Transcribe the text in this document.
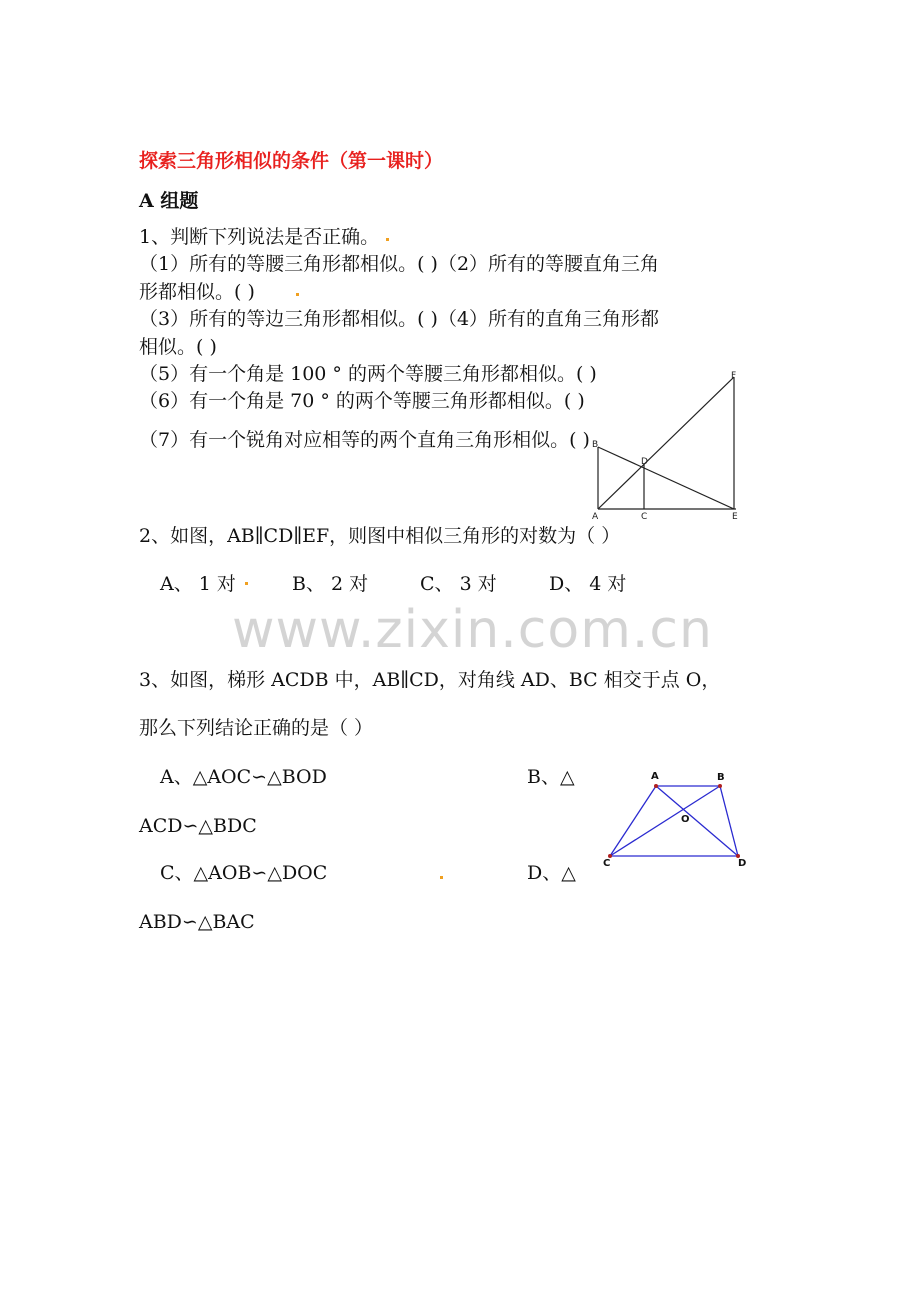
探索三角形相似的条件（第一课时）
A 组题
1、判断下列说法是否正确。
（1）所有的等腰三角形都相似。( )（2）所有的等腰直角三角
形都相似。( )
（3）所有的等边三角形都相似。( )（4）所有的直角三角形都
相似。( )
（5）有一个角是 100 ° 的两个等腰三角形都相似。( )
（6）有一个角是 70 ° 的两个等腰三角形都相似。( )
（7）有一个锐角对应相等的两个直角三角形相似。( )
A	C	E
D
F
B
2、如图，AB∥CD∥EF，则图中相似三角形的对数为（ ）
A、 1 对	B、 2 对	C、 3 对	D、 4 对
www.zixin.com.cn
3、如图，梯形 ACDB 中，AB∥CD，对角线 AD、BC 相交于点 O，
那么下列结论正确的是（ ）
A、△AOC∽△BOD	B、△
ACD∽△BDC
C、△AOB∽△DOC	D、△
ABD∽△BAC
A	B
C	D
O
